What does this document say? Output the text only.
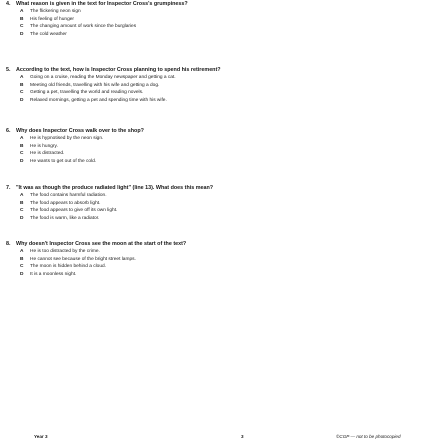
4.	What reason is given in the text for Inspector Cross's grumpiness?
A	The flickering neon sign
B	His feeling of hunger
C	The changing amount of work since the burglaries
D	The cold weather
5.	According to the text, how is Inspector Cross planning to spend his retirement?
A	Going on a cruise, reading the Monday newspaper and getting a cat.
B	Meeting old friends, travelling with his wife and getting a dog.
C	Getting a pet, travelling the world and reading novels.
D	Relaxed mornings, getting a pet and spending time with his wife.
6.	Why does Inspector Cross walk over to the shop?
A	He is hypnotised by the neon sign.
B	He is hungry.
C	He is distracted.
D	He wants to get out of the cold.
7.	"It was as though the produce radiated light" (line 13). What does this mean?
A	The food contains harmful radiation.
B	The food appears to absorb light.
C	The food appears to give off its own light.
D	The food is warm, like a radiator.
8.	Why doesn't Inspector Cross see the moon at the start of the text?
A	He is too distracted by the crime.
B	He cannot see because of the bright street lamps.
C	The moon is hidden behind a cloud.
D	It is a moonless night.
Year 3	3	©CGP — not to be photocopied
